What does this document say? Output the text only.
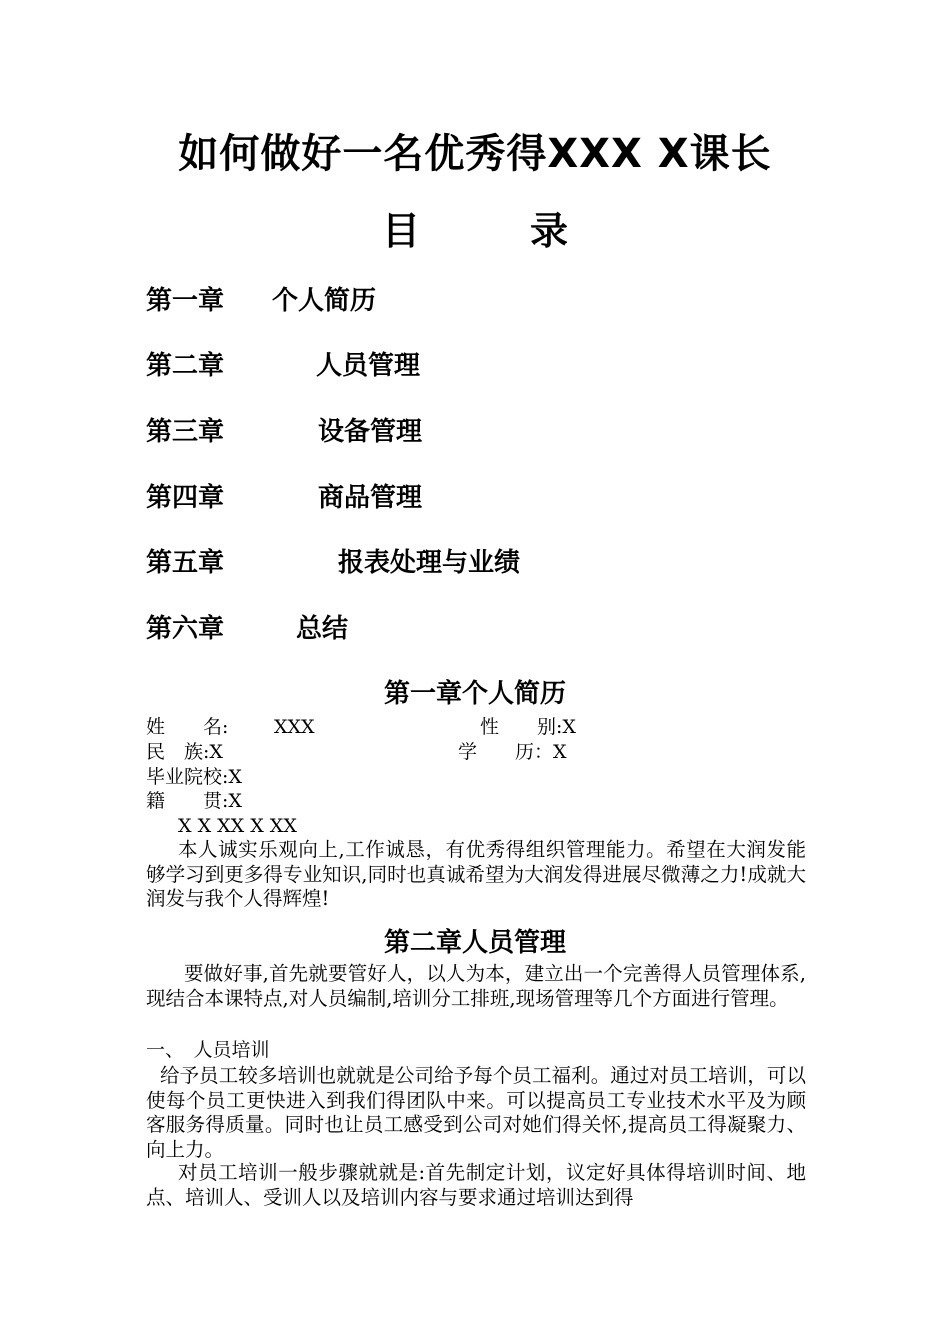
如何做好一名优秀得XXX X课长
目	录
第一章 个人简历
第二章	人员管理
第三章	设备管理
第四章	商品管理
第五章	报表处理与业绩
第六章	总结
第一章个人简历
姓　　名: XXX	性　　别:X
民　族:X	学　　历：X
毕业院校:X
籍　　贯:X
X X XX X XX
本人诚实乐观向上,工作诚恳，有优秀得组织管理能力。希望在大润发能够学习到更多得专业知识,同时也真诚希望为大润发得进展尽微薄之力!成就大润发与我个人得辉煌!
第二章人员管理
要做好事,首先就要管好人，以人为本，建立出一个完善得人员管理体系,现结合本课特点,对人员编制,培训分工排班,现场管理等几个方面进行管理。
一、　人员培训
给予员工较多培训也就就是公司给予每个员工福利。通过对员工培训，可以使每个员工更快进入到我们得团队中来。可以提高员工专业技术水平及为顾客服务得质量。同时也让员工感受到公司对她们得关怀,提高员工得凝聚力、向上力。
对员工培训一般步骤就就是:首先制定计划，议定好具体得培训时间、地点、培训人、受训人以及培训内容与要求通过培训达到得
